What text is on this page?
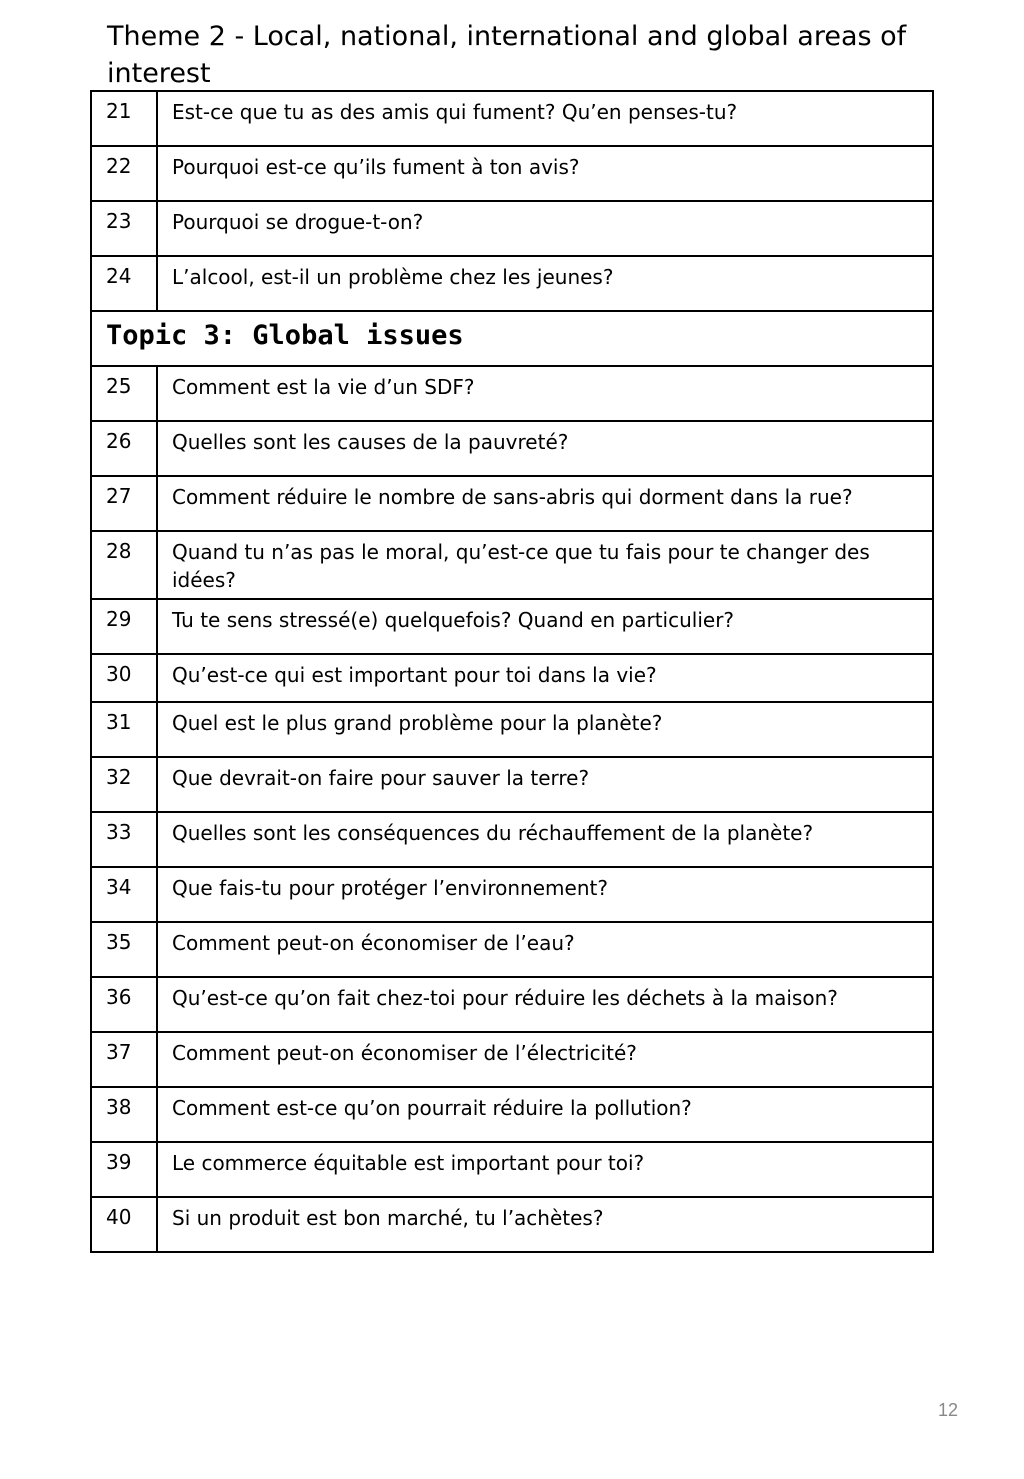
Theme 2 - Local, national, international and global areas of interest
21	Est-ce que tu as des amis qui fument? Qu’en penses-tu?
22	Pourquoi est-ce qu’ils fument à ton avis?
23	Pourquoi se drogue-t-on?
24	L’alcool, est-il un problème chez les jeunes?
Topic 3: Global issues	
25	Comment est la vie d’un SDF?
26	Quelles sont les causes de la pauvreté?
27	Comment réduire le nombre de sans-abris qui dorment dans la rue?
28	Quand tu n’as pas le moral, qu’est-ce que tu fais pour te changer des idées?
29	Tu te sens stressé(e) quelquefois? Quand en particulier?
30	Qu’est-ce qui est important pour toi dans la vie?
31	Quel est le plus grand problème pour la planète?
32	Que devrait-on faire pour sauver la terre?
33	Quelles sont les conséquences du réchauffement de la planète?
34	Que fais-tu pour protéger l’environnement?
35	Comment peut-on économiser de l’eau?
36	Qu’est-ce qu’on fait chez-toi pour réduire les déchets à la maison?
37	Comment peut-on économiser de l’électricité?
38	Comment est-ce qu’on pourrait réduire la pollution?
39	Le commerce équitable est important pour toi?
40	Si un produit est bon marché, tu l’achètes?
12
